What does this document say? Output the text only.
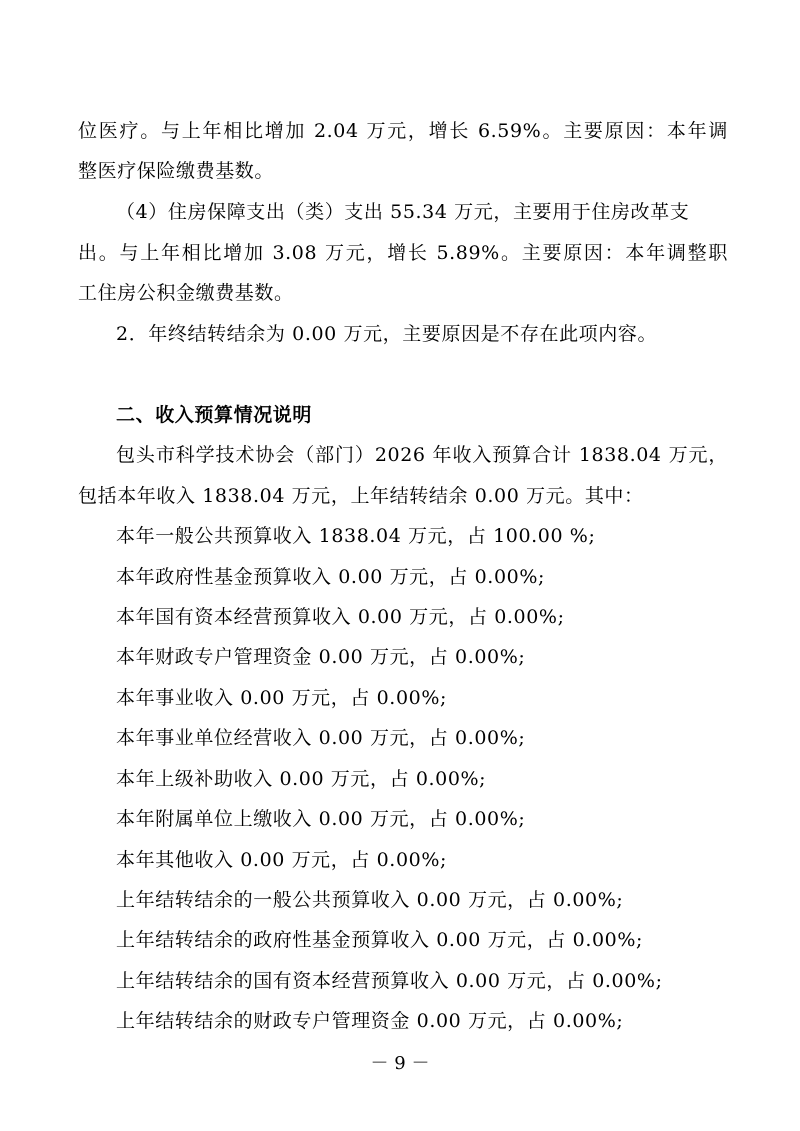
位医疗。与上年相比增加 2.04 万元，增长 6.59%。主要原因：本年调
整医疗保险缴费基数。
（4）住房保障支出（类）支出 55.34 万元，主要用于住房改革支
出。与上年相比增加 3.08 万元，增长 5.89%。主要原因：本年调整职
工住房公积金缴费基数。
2．年终结转结余为 0.00 万元，主要原因是不存在此项内容。
二、收入预算情况说明
包头市科学技术协会（部门）2026 年收入预算合计 1838.04 万元，
包括本年收入 1838.04 万元，上年结转结余 0.00 万元。其中：
本年一般公共预算收入 1838.04 万元，占 100.00 %;
本年政府性基金预算收入 0.00 万元，占 0.00%;
本年国有资本经营预算收入 0.00 万元，占 0.00%;
本年财政专户管理资金 0.00 万元，占 0.00%;
本年事业收入 0.00 万元，占 0.00%;
本年事业单位经营收入 0.00 万元，占 0.00%;
本年上级补助收入 0.00 万元，占 0.00%;
本年附属单位上缴收入 0.00 万元，占 0.00%;
本年其他收入 0.00 万元，占 0.00%;
上年结转结余的一般公共预算收入 0.00 万元，占 0.00%;
上年结转结余的政府性基金预算收入 0.00 万元，占 0.00%;
上年结转结余的国有资本经营预算收入 0.00 万元，占 0.00%;
上年结转结余的财政专户管理资金 0.00 万元，占 0.00%;
－ 9 －
